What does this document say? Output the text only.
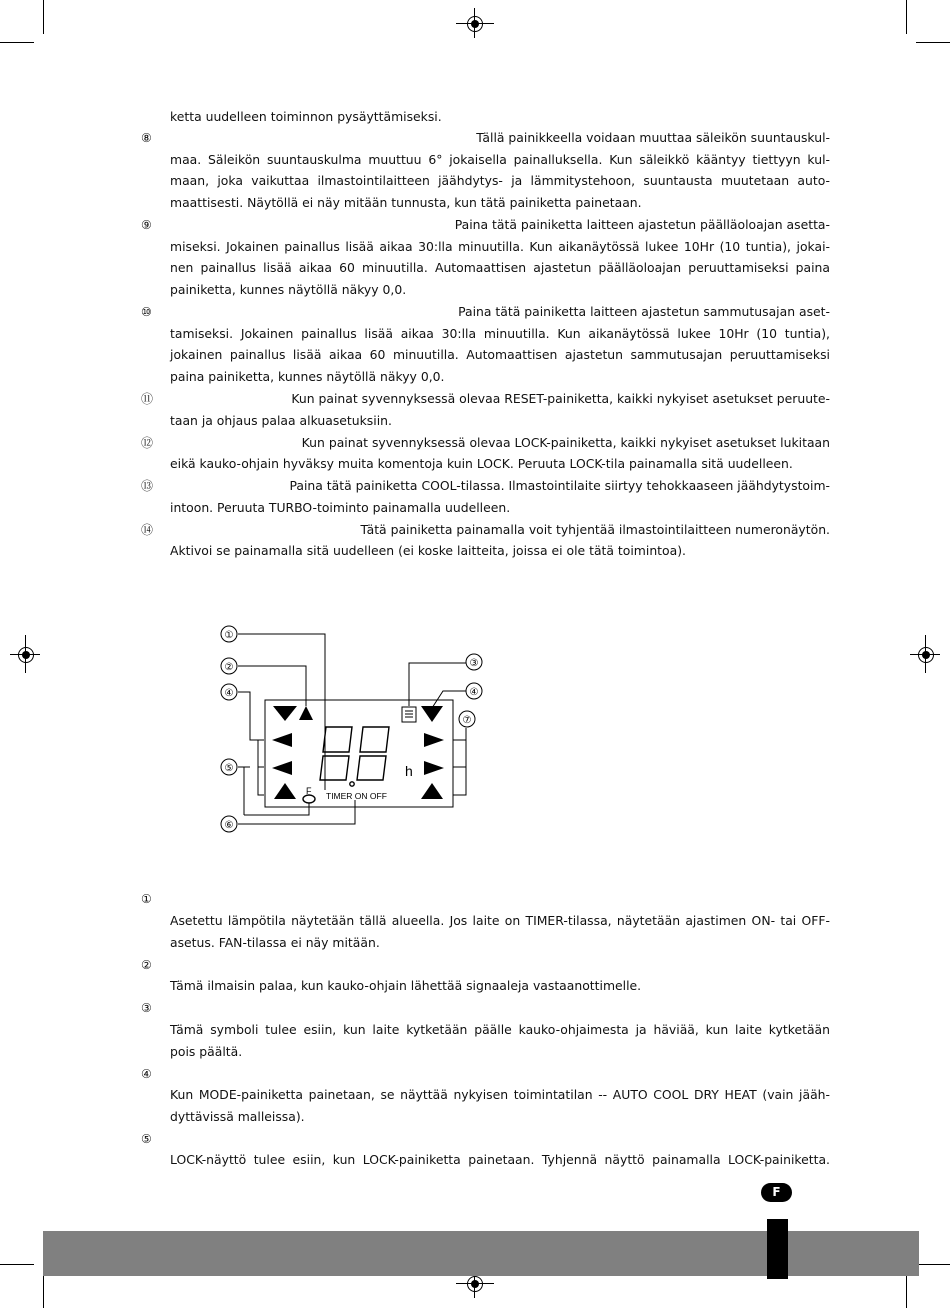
ketta uudelleen toiminnon pysäyttämiseksi.
⑧	Tällä painikkeella voidaan muuttaa säleikön suuntauskul-
maa. Säleikön suuntauskulma muuttuu 6° jokaisella painalluksella. Kun säleikkö kääntyy tiettyyn kul-
maan, joka vaikuttaa ilmastointilaitteen jäähdytys- ja lämmitystehoon, suuntausta muutetaan auto-
maattisesti. Näytöllä ei näy mitään tunnusta, kun tätä painiketta painetaan.
⑨	Paina tätä painiketta laitteen ajastetun päälläoloajan asetta-
miseksi. Jokainen painallus lisää aikaa 30:lla minuutilla. Kun aikanäytössä lukee 10Hr (10 tuntia), jokai-
nen painallus lisää aikaa 60 minuutilla. Automaattisen ajastetun päälläoloajan peruuttamiseksi paina
painiketta, kunnes näytöllä näkyy 0,0.
⑩	Paina tätä painiketta laitteen ajastetun sammutusajan aset-
tamiseksi. Jokainen painallus lisää aikaa 30:lla minuutilla. Kun aikanäytössä lukee 10Hr (10 tuntia),
jokainen painallus lisää aikaa 60 minuutilla. Automaattisen ajastetun sammutusajan peruuttamiseksi
paina painiketta, kunnes näytöllä näkyy 0,0.
⑪	Kun painat syvennyksessä olevaa RESET-painiketta, kaikki nykyiset asetukset peruute-
taan ja ohjaus palaa alkuasetuksiin.
⑫	Kun painat syvennyksessä olevaa LOCK-painiketta, kaikki nykyiset asetukset lukitaan
eikä kauko-ohjain hyväksy muita komentoja kuin LOCK. Peruuta LOCK-tila painamalla sitä uudelleen.
⑬	Paina tätä painiketta COOL-tilassa. Ilmastointilaite siirtyy tehokkaaseen jäähdytystoim-
intoon. Peruuta TURBO-toiminto painamalla uudelleen.
⑭	Tätä painiketta painamalla voit tyhjentää ilmastointilaitteen numeronäytön.
Aktivoi se painamalla sitä uudelleen (ei koske laitteita, joissa ei ole tätä toimintoa).
h
F TIMER ON OFF
①
②	③
④	④
⑤
⑥
⑦
①
Asetettu lämpötila näytetään tällä alueella. Jos laite on TIMER-tilassa, näytetään ajastimen ON- tai OFF-
asetus. FAN-tilassa ei näy mitään.
②
Tämä ilmaisin palaa, kun kauko-ohjain lähettää signaaleja vastaanottimelle.
③
Tämä symboli tulee esiin, kun laite kytketään päälle kauko-ohjaimesta ja häviää, kun laite kytketään
pois päältä.
④
Kun MODE-painiketta painetaan, se näyttää nykyisen toimintatilan -- AUTO COOL DRY HEAT (vain jääh-
dyttävissä malleissa).
⑤
LOCK-näyttö tulee esiin, kun LOCK-painiketta painetaan. Tyhjennä näyttö painamalla LOCK-painiketta.
F
